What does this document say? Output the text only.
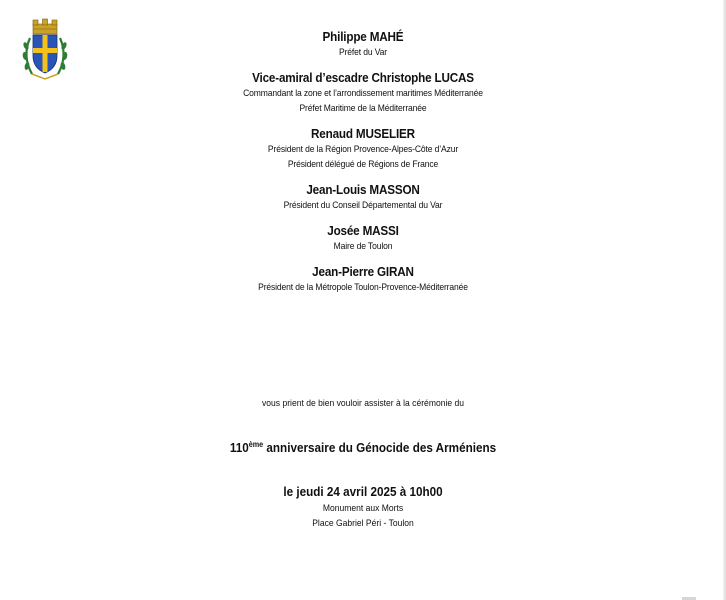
Philippe MAHÉ
Préfet du Var
Vice-amiral d’escadre Christophe LUCAS
Commandant la zone et l’arrondissement maritimes Méditerranée
Préfet Maritime de la Méditerranée
Renaud MUSELIER
Président de la Région Provence-Alpes-Côte d’Azur
Président délégué de Régions de France
Jean-Louis MASSON
Président du Conseil Départemental du Var
Josée MASSI
Maire de Toulon
Jean-Pierre GIRAN
Président de la Métropole Toulon-Provence-Méditerranée
vous prient de bien vouloir assister à la cérémonie du
110ème anniversaire du Génocide des Arméniens
le jeudi 24 avril 2025 à 10h00
Monument aux Morts
Place Gabriel Péri - Toulon
